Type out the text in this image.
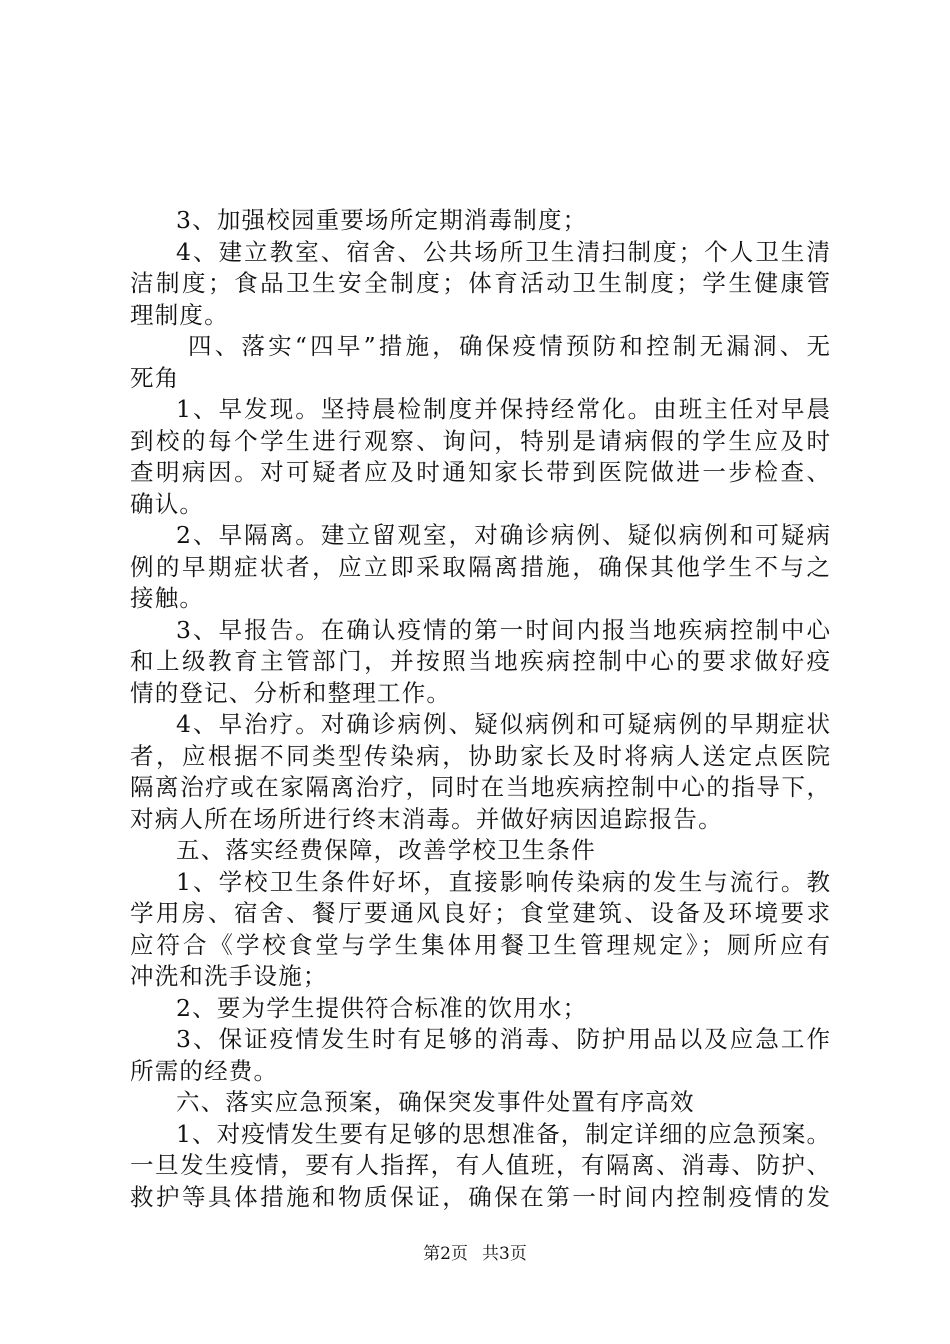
3、加强校园重要场所定期消毒制度；
4、建立教室、宿舍、公共场所卫生清扫制度；个人卫生清
洁制度；食品卫生安全制度；体育活动卫生制度；学生健康管
理制度。
四、落实“四早”措施，确保疫情预防和控制无漏洞、无
死角
1、早发现。坚持晨检制度并保持经常化。由班主任对早晨
到校的每个学生进行观察、询问，特别是请病假的学生应及时
查明病因。对可疑者应及时通知家长带到医院做进一步检查、
确认。
2、早隔离。建立留观室，对确诊病例、疑似病例和可疑病
例的早期症状者，应立即采取隔离措施，确保其他学生不与之
接触。
3、早报告。在确认疫情的第一时间内报当地疾病控制中心
和上级教育主管部门，并按照当地疾病控制中心的要求做好疫
情的登记、分析和整理工作。
4、早治疗。对确诊病例、疑似病例和可疑病例的早期症状
者，应根据不同类型传染病，协助家长及时将病人送定点医院
隔离治疗或在家隔离治疗，同时在当地疾病控制中心的指导下，
对病人所在场所进行终末消毒。并做好病因追踪报告。
五、落实经费保障，改善学校卫生条件
1、学校卫生条件好坏，直接影响传染病的发生与流行。教
学用房、宿舍、餐厅要通风良好；食堂建筑、设备及环境要求
应符合《学校食堂与学生集体用餐卫生管理规定》；厕所应有
冲洗和洗手设施；
2、要为学生提供符合标准的饮用水；
3、保证疫情发生时有足够的消毒、防护用品以及应急工作
所需的经费。
六、落实应急预案，确保突发事件处置有序高效
1、对疫情发生要有足够的思想准备，制定详细的应急预案。
一旦发生疫情，要有人指挥，有人值班，有隔离、消毒、防护、
救护等具体措施和物质保证，确保在第一时间内控制疫情的发
第2页 共3页
